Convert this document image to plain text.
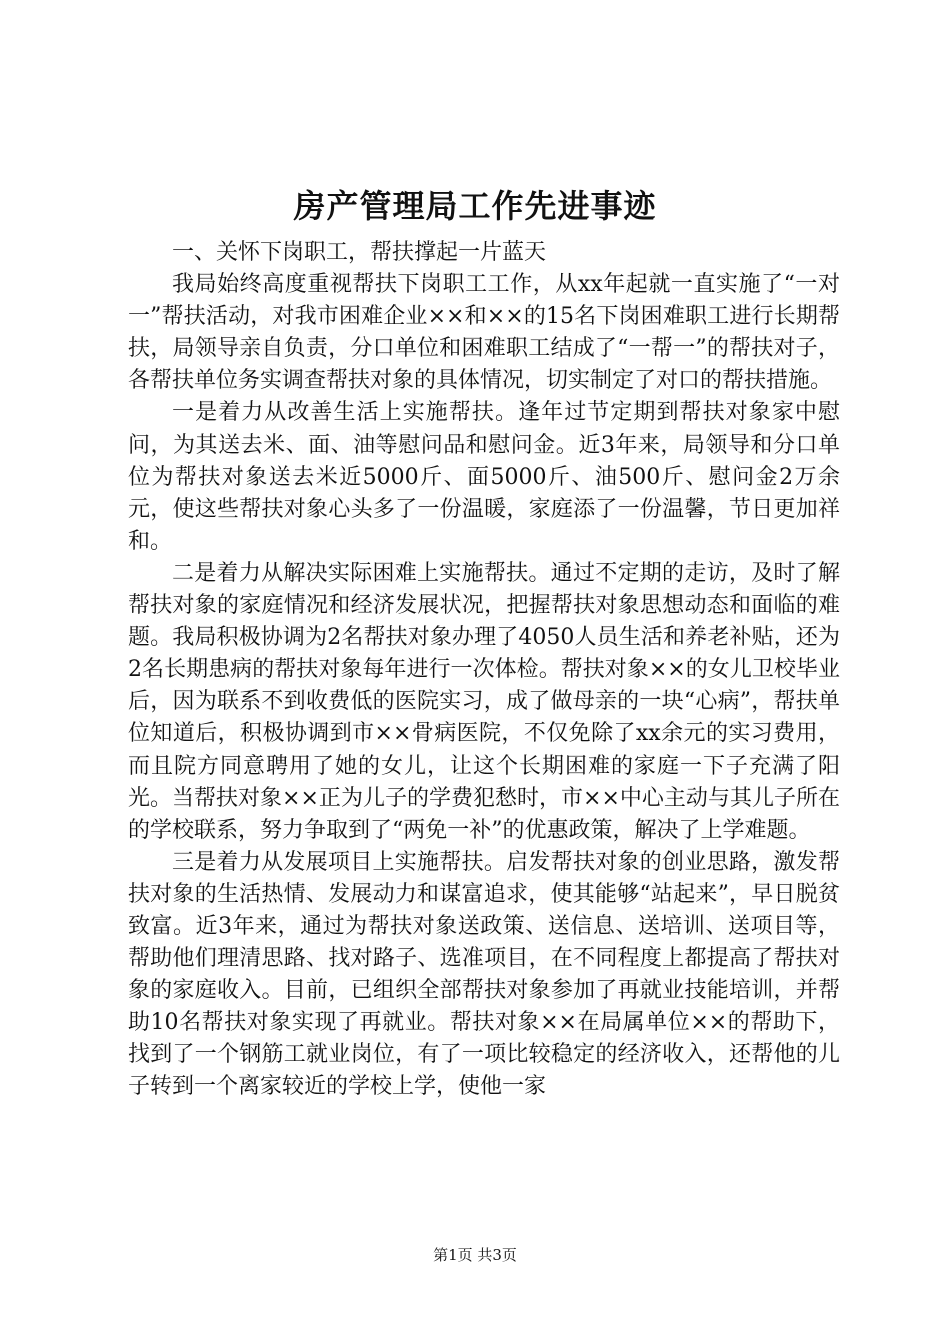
房产管理局工作先进事迹

一、关怀下岗职工，帮扶撑起一片蓝天

我局始终高度重视帮扶下岗职工工作，从xx年起就一直实施了“一对一”帮扶活动，对我市困难企业××和××的15名下岗困难职工进行长期帮扶，局领导亲自负责，分口单位和困难职工结成了“一帮一”的帮扶对子，各帮扶单位务实调查帮扶对象的具体情况，切实制定了对口的帮扶措施。

一是着力从改善生活上实施帮扶。逢年过节定期到帮扶对象家中慰问，为其送去米、面、油等慰问品和慰问金。近3年来，局领导和分口单位为帮扶对象送去米近5000斤、面5000斤、油500斤、慰问金2万余元，使这些帮扶对象心头多了一份温暖，家庭添了一份温馨，节日更加祥和。

二是着力从解决实际困难上实施帮扶。通过不定期的走访，及时了解帮扶对象的家庭情况和经济发展状况，把握帮扶对象思想动态和面临的难题。我局积极协调为2名帮扶对象办理了4050人员生活和养老补贴，还为2名长期患病的帮扶对象每年进行一次体检。帮扶对象××的女儿卫校毕业后，因为联系不到收费低的医院实习，成了做母亲的一块“心病”，帮扶单位知道后，积极协调到市××骨病医院，不仅免除了xx余元的实习费用，而且院方同意聘用了她的女儿，让这个长期困难的家庭一下子充满了阳光。当帮扶对象××正为儿子的学费犯愁时，市××中心主动与其儿子所在的学校联系，努力争取到了“两免一补”的优惠政策，解决了上学难题。

三是着力从发展项目上实施帮扶。启发帮扶对象的创业思路，激发帮扶对象的生活热情、发展动力和谋富追求，使其能够“站起来”，早日脱贫致富。近3年来，通过为帮扶对象送政策、送信息、送培训、送项目等，帮助他们理清思路、找对路子、选准项目，在不同程度上都提高了帮扶对象的家庭收入。目前，已组织全部帮扶对象参加了再就业技能培训，并帮助10名帮扶对象实现了再就业。帮扶对象××在局属单位××的帮助下，找到了一个钢筋工就业岗位，有了一项比较稳定的经济收入，还帮他的儿子转到一个离家较近的学校上学，使他一家

第1页 共3页
